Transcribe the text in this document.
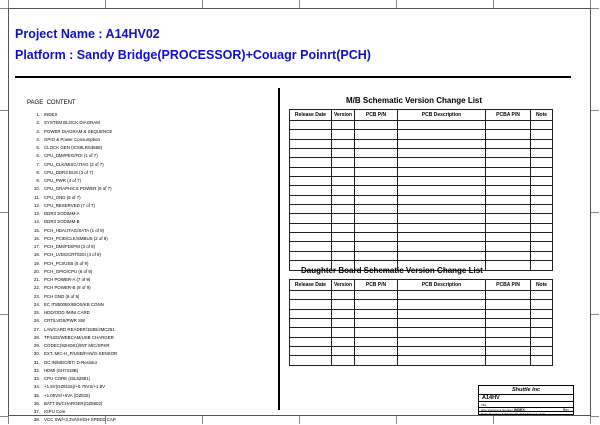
Project Name : A14HV02
Platform : Sandy Bridge(PROCESSOR)+Couagr Poinrt(PCH)
PAGE CONTENT
1. INDEX
2. SYSTEM BLOCK DIAGRAM
3. POWER DIAGRAM & SEQUENCE
4. GPIO & Power Consumption
5. CLOCK GEN (ICS9LRS3658)
6. CPU_DMI/PEG/FDI (1 of 7)
7. CPU_CLK/MISC/JTAG (2 of 7)
8. CPU_DDR3 BUS (3 of 7)
9. CPU_PWR (4 of 7)
10. CPU_GRAPHICS POWER (5 of 7)
11. CPU_GND (6 of 7)
12. CPU_RESERVED (7 of 7)
13. DDR3 SODIMM-A
14. DDR3 SODIMM-B
15. PCH_HDA/JTAG/SATA (1 of 9)
16. PCH_PCIE/CLK/SMBUS (2 of 9)
17. PCH_DMI/FDI/PM (3 of 9)
18. PCH_LVDS/CRT/DDI (4 of 9)
19. PCH_PCI/USB (5 of 9)
20. PCH_GPIO/CPU (6 of 9)
21. PCH POWER-A (7 of 9)
22. PCH POWER-B (8 of 9)
23. PCH GND (9 of 9)
24. EC IT8500BX/BIOS/KB CONN
25. HDD/ODD /MINI CARD
26. CRT/LVDS/PWR SW
27. LAN/CARD READER/153B/JMC251
28. TP/LED/WEBCAM/USB CHARGER
29. CODEC(92HD81)/INT MIC/SPKR
30. EXT. MIC-H_P/USB/FAN/G-SENSOR
31. DC IN/MDC/BT/ D-Resistor
32. HDMI (SH7318B)
33. CPU CORE (ISL62881)
34. +1.5V(OZ8116)/+0.75VS/+1.8V
35. +1.05VS/+5VA (OZ815)
36. BATT IN/CHARGER(OZ8602)
37. IGPU Core
38. VCC SW/+3.3VA/HIGH-SPEED CAP
M/B Schematic Version Change List
Release Date	Version	PCB P/N	PCB Description	PCBA P/N	Note

Daughter Board Schematic Version Change List
Release Date	Version	PCB P/N	PCB Description	PCBA P/N	Note

Shuttle Inc
A14HV
Title
Size Document Number INDEX	Rev
Date: Tuesday, February 15, 2011 Sheet 1 of 40
